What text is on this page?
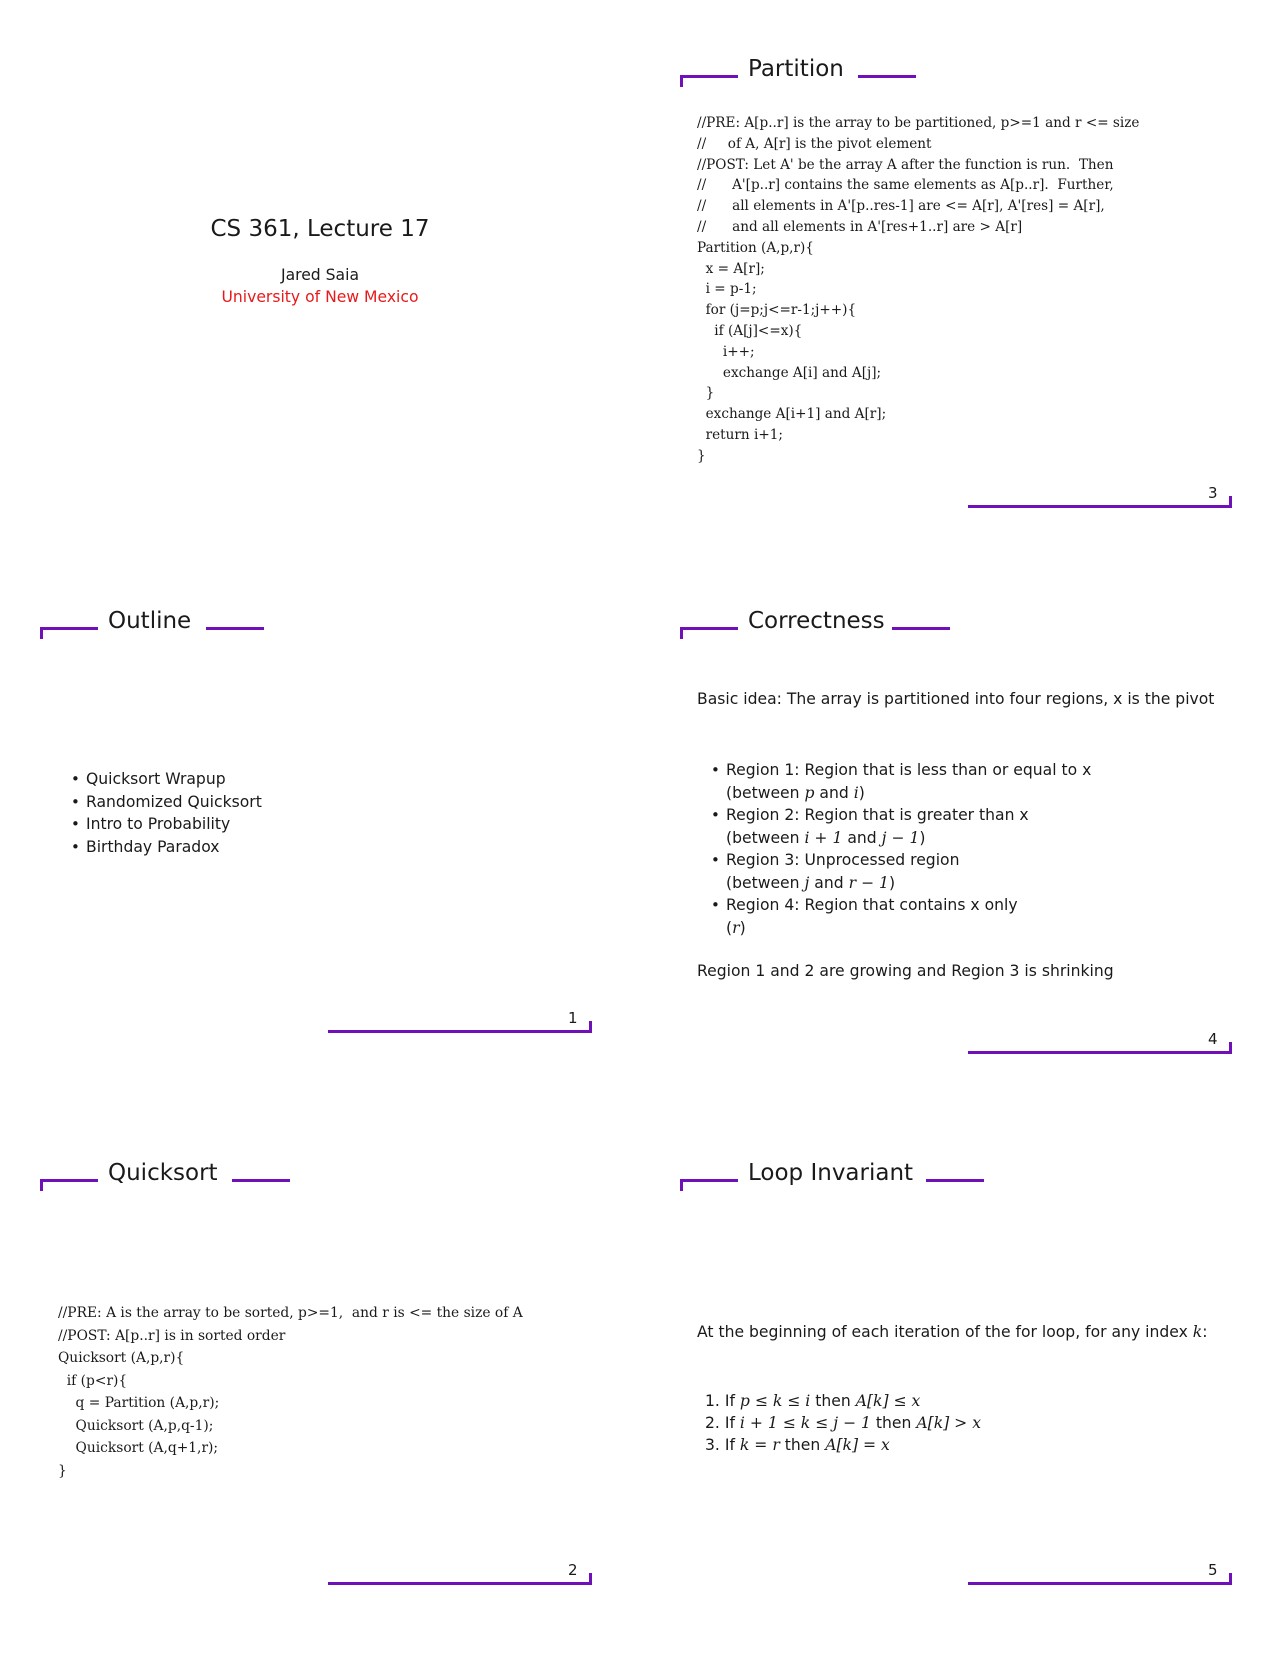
CS 361, Lecture 17
Jared Saia
University of New Mexico
Outline
• Quicksort Wrapup
• Randomized Quicksort
• Intro to Probability
• Birthday Paradox
1
Quicksort
//PRE: A is the array to be sorted, p>=1,  and r is <= the size of A
//POST: A[p..r] is in sorted order
Quicksort (A,p,r){
if (p<r){
q = Partition (A,p,r);
Quicksort (A,p,q-1);
Quicksort (A,q+1,r);
}
2
Partition
//PRE: A[p..r] is the array to be partitioned, p>=1 and r <= size
//     of A, A[r] is the pivot element
//POST: Let A' be the array A after the function is run.  Then
//      A'[p..r] contains the same elements as A[p..r].  Further,
//      all elements in A'[p..res-1] are <= A[r], A'[res] = A[r],
//      and all elements in A'[res+1..r] are > A[r]
Partition (A,p,r){
x = A[r];
i = p-1;
for (j=p;j<=r-1;j++){
if (A[j]<=x){
i++;
exchange A[i] and A[j];
}
exchange A[i+1] and A[r];
return i+1;
}
3
Correctness
Basic idea: The array is partitioned into four regions, x is the pivot
• Region 1: Region that is less than or equal to x
(between p and i)
• Region 2: Region that is greater than x
(between i + 1 and j − 1)
• Region 3: Unprocessed region
(between j and r − 1)
• Region 4: Region that contains x only
(r)
Region 1 and 2 are growing and Region 3 is shrinking
4
Loop Invariant
At the beginning of each iteration of the for loop, for any index k:
1. If p ≤ k ≤ i then A[k] ≤ x
2. If i + 1 ≤ k ≤ j − 1 then A[k] > x
3. If k = r then A[k] = x
5
